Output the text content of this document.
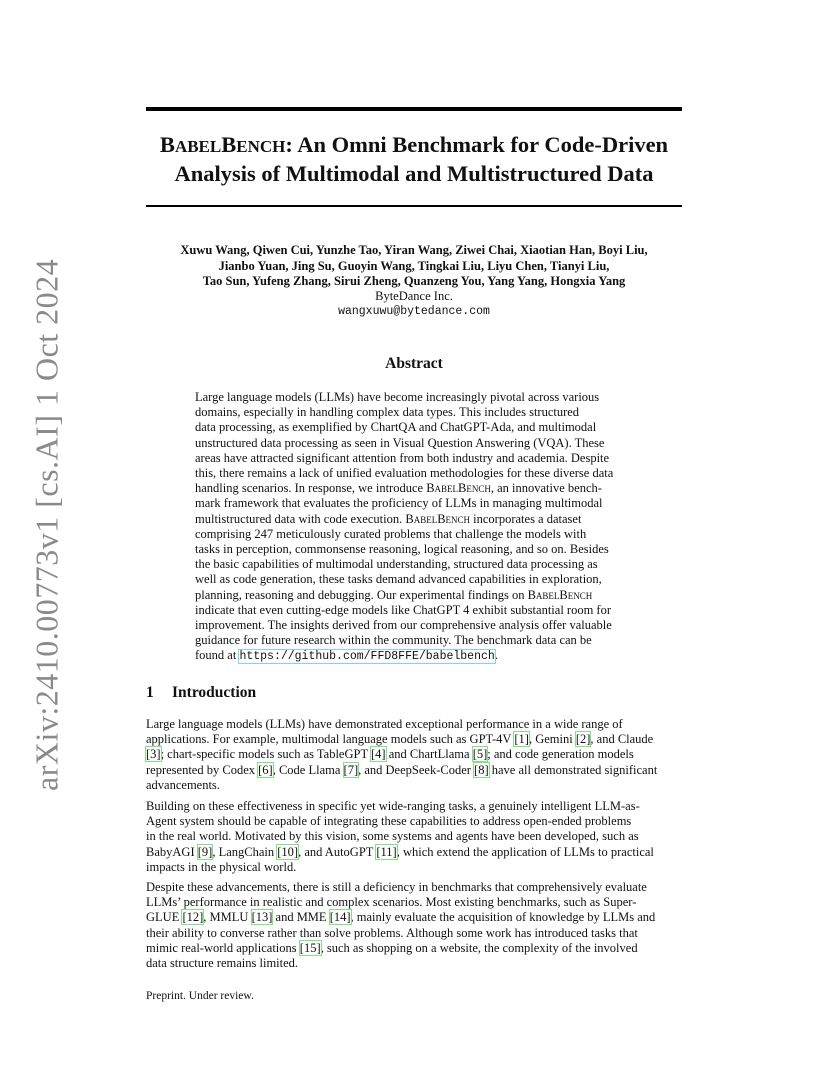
arXiv:2410.00773v1 [cs.AI] 1 Oct 2024
BABELBENCH: An Omni Benchmark for Code-Driven
Analysis of Multimodal and Multistructured Data
Xuwu Wang, Qiwen Cui, Yunzhe Tao, Yiran Wang, Ziwei Chai, Xiaotian Han, Boyi Liu,
Jianbo Yuan, Jing Su, Guoyin Wang, Tingkai Liu, Liyu Chen, Tianyi Liu,
Tao Sun, Yufeng Zhang, Sirui Zheng, Quanzeng You, Yang Yang, Hongxia Yang
ByteDance Inc.
wangxuwu@bytedance.com
Abstract
Large language models (LLMs) have become increasingly pivotal across various
domains, especially in handling complex data types. This includes structured
data processing, as exemplified by ChartQA and ChatGPT-Ada, and multimodal
unstructured data processing as seen in Visual Question Answering (VQA). These
areas have attracted significant attention from both industry and academia. Despite
this, there remains a lack of unified evaluation methodologies for these diverse data
handling scenarios. In response, we introduce BabelBench, an innovative bench-
mark framework that evaluates the proficiency of LLMs in managing multimodal
multistructured data with code execution. BabelBench incorporates a dataset
comprising 247 meticulously curated problems that challenge the models with
tasks in perception, commonsense reasoning, logical reasoning, and so on. Besides
the basic capabilities of multimodal understanding, structured data processing as
well as code generation, these tasks demand advanced capabilities in exploration,
planning, reasoning and debugging. Our experimental findings on BabelBench
indicate that even cutting-edge models like ChatGPT 4 exhibit substantial room for
improvement. The insights derived from our comprehensive analysis offer valuable
guidance for future research within the community. The benchmark data can be
found at https://github.com/FFD8FFE/babelbench.
1 Introduction
Large language models (LLMs) have demonstrated exceptional performance in a wide range of
applications. For example, multimodal language models such as GPT-4V [1], Gemini [2], and Claude
[3]; chart-specific models such as TableGPT [4] and ChartLlama [5]; and code generation models
represented by Codex [6], Code Llama [7], and DeepSeek-Coder [8] have all demonstrated significant
advancements.
Building on these effectiveness in specific yet wide-ranging tasks, a genuinely intelligent LLM-as-
Agent system should be capable of integrating these capabilities to address open-ended problems
in the real world. Motivated by this vision, some systems and agents have been developed, such as
BabyAGI [9], LangChain [10], and AutoGPT [11], which extend the application of LLMs to practical
impacts in the physical world.
Despite these advancements, there is still a deficiency in benchmarks that comprehensively evaluate
LLMs’ performance in realistic and complex scenarios. Most existing benchmarks, such as Super-
GLUE [12], MMLU [13] and MME [14], mainly evaluate the acquisition of knowledge by LLMs and
their ability to converse rather than solve problems. Although some work has introduced tasks that
mimic real-world applications [15], such as shopping on a website, the complexity of the involved
data structure remains limited.
Preprint. Under review.
